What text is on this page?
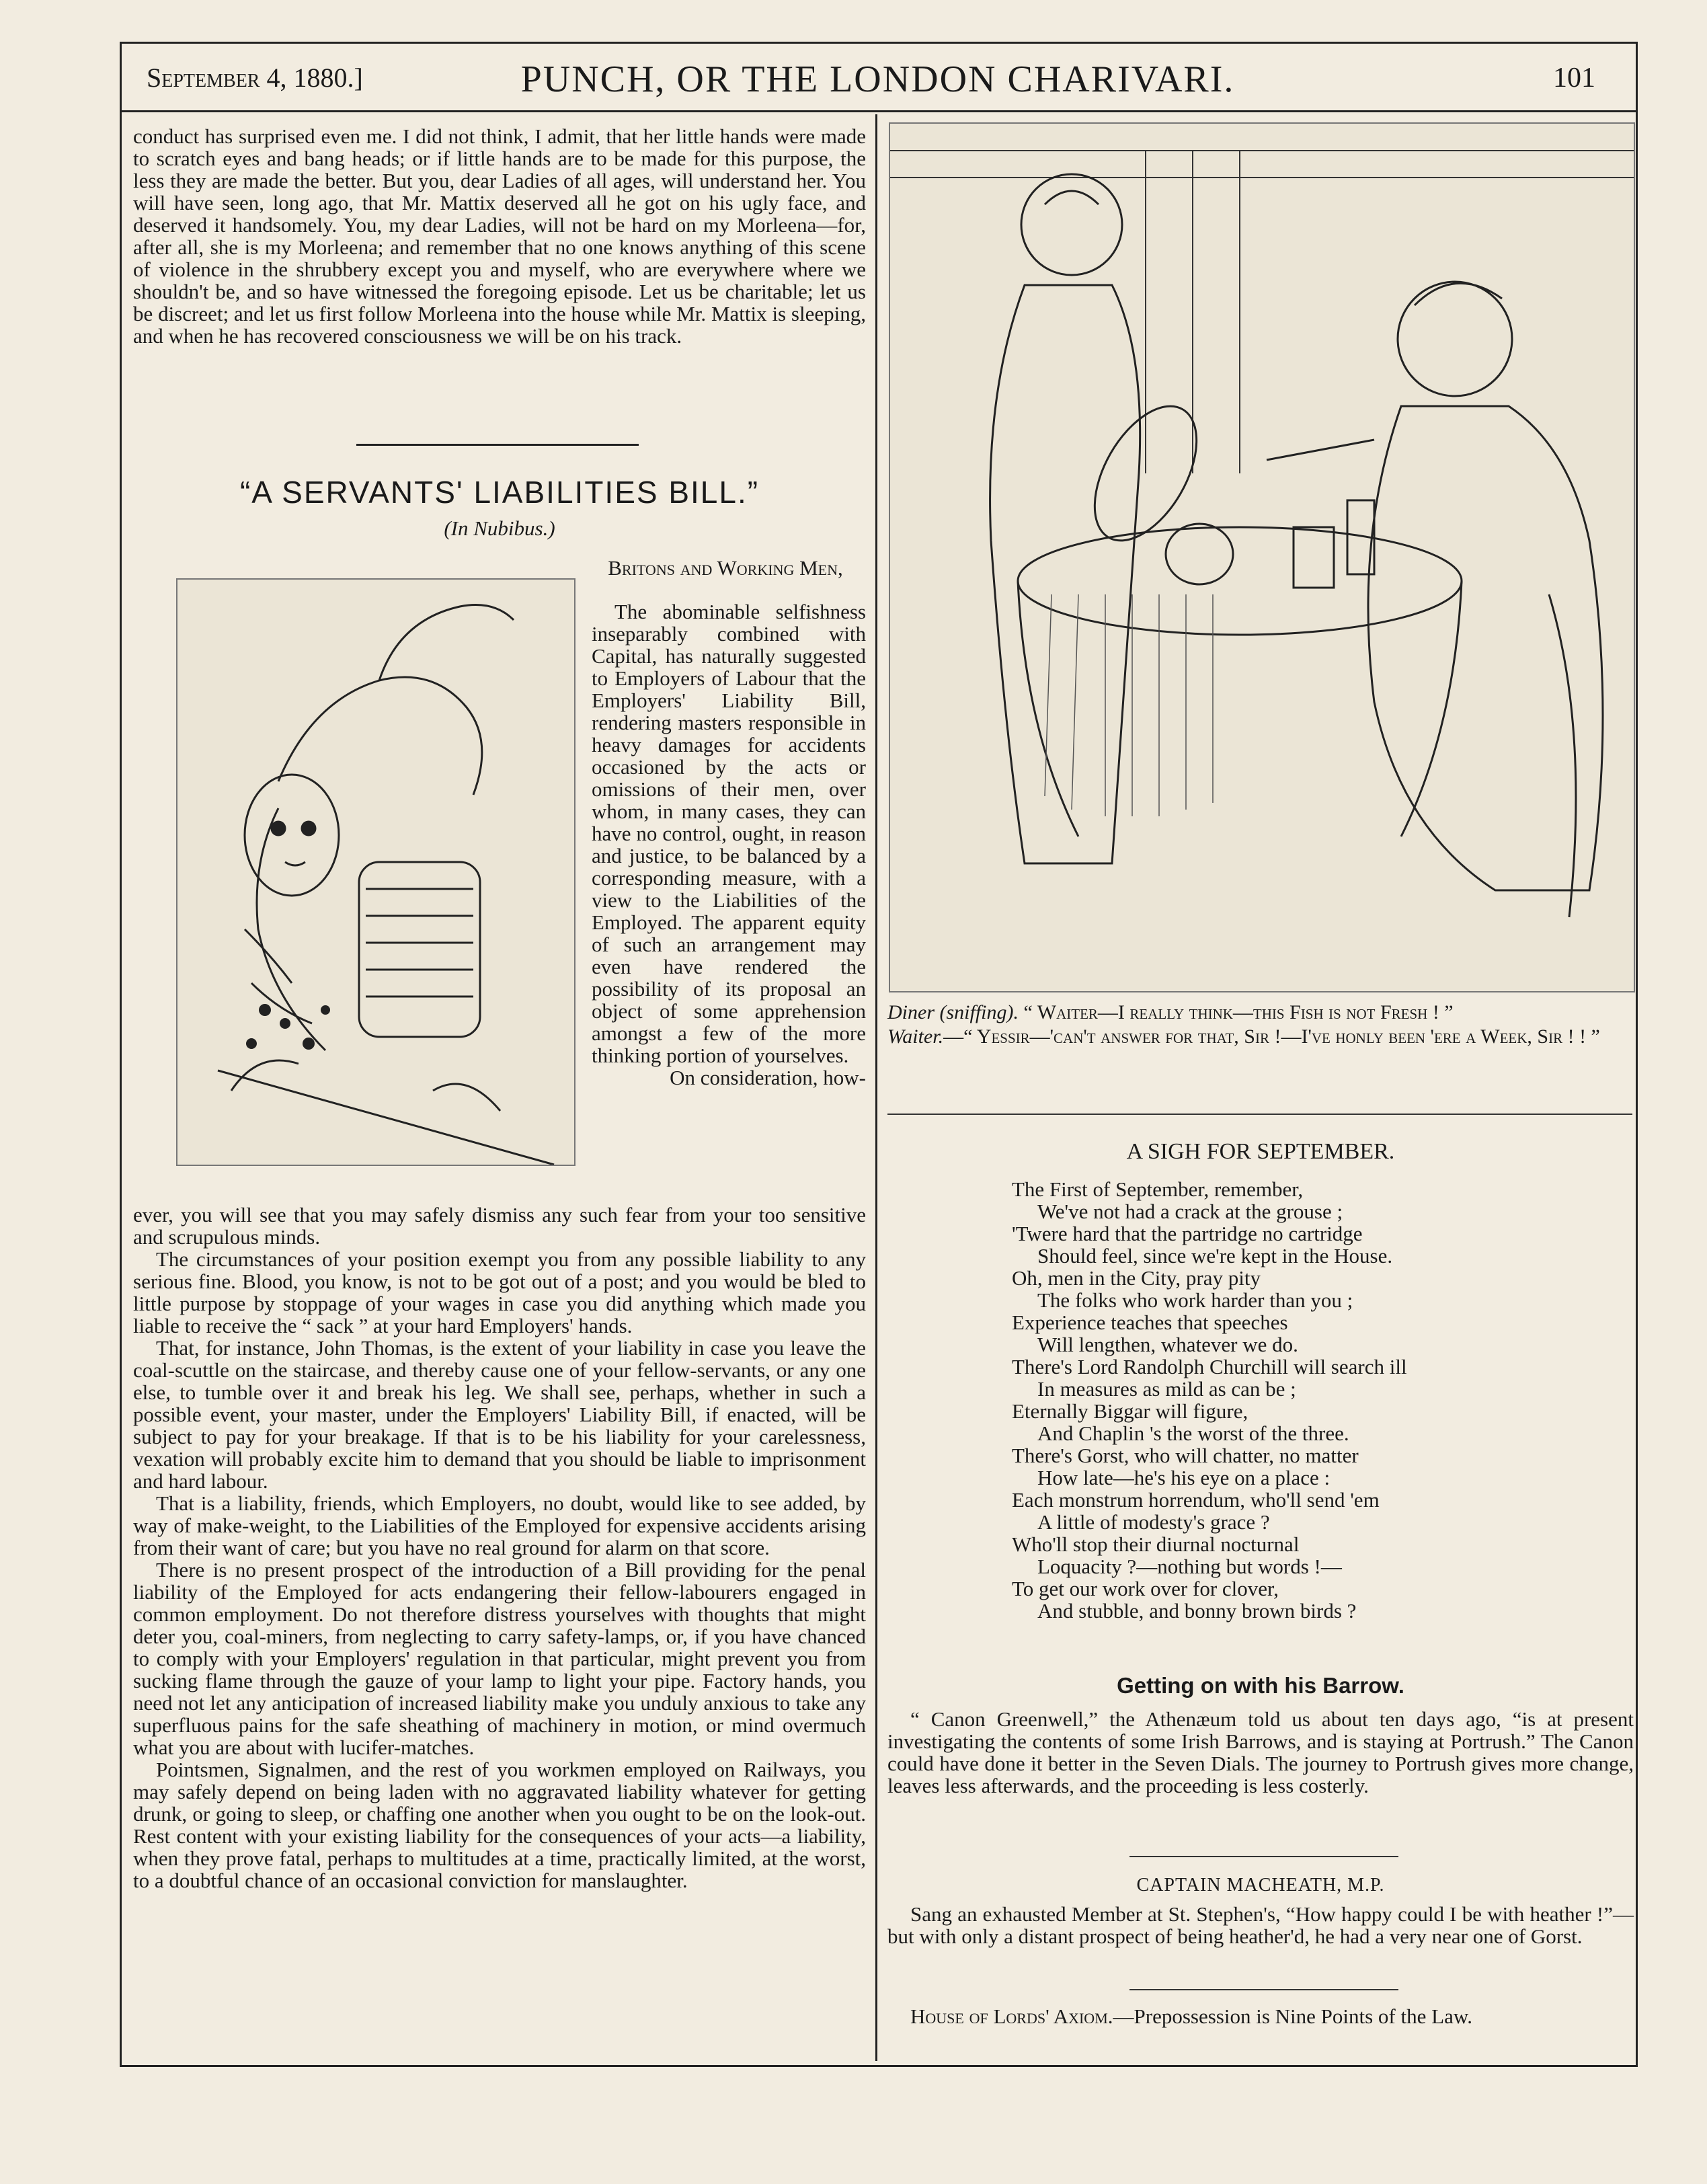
September 4, 1880.]	PUNCH, OR THE LONDON CHARIVARI.	101

conduct has surprised even me. I did not think, I admit, that her little hands were made to scratch eyes and bang heads; or if little hands are to be made for this purpose, the less they are made the better. But you, dear Ladies of all ages, will understand her. You will have seen, long ago, that Mr. Mattix deserved all he got on his ugly face, and deserved it handsomely. You, my dear Ladies, will not be hard on my Morleena—for, after all, she is my Morleena; and remember that no one knows anything of this scene of violence in the shrubbery except you and myself, who are everywhere where we shouldn't be, and so have witnessed the foregoing episode. Let us be charitable; let us be discreet; and let us first follow Morleena into the house while Mr. Mattix is sleeping, and when he has recovered consciousness we will be on his track.

“A SERVANTS' LIABILITIES BILL.”
(In Nubibus.)
Britons and Working Men,

The abominable selfishness inseparably combined with Capital, has naturally suggested to Employers of Labour that the Employers' Liability Bill, rendering masters responsible in heavy damages for accidents occasioned by the acts or omissions of their men, over whom, in many cases, they can have no control, ought, in reason and justice, to be balanced by a corresponding measure, with a view to the Liabilities of the Employed. The apparent equity of such an arrangement may even have rendered the possibility of its proposal an object of some apprehension amongst a few of the more thinking portion of yourselves.

On consideration, how-

ever, you will see that you may safely dismiss any such fear from your too sensitive and scrupulous minds.

The circumstances of your position exempt you from any possible liability to any serious fine. Blood, you know, is not to be got out of a post; and you would be bled to little purpose by stoppage of your wages in case you did anything which made you liable to receive the “ sack ” at your hard Employers' hands.

That, for instance, John Thomas, is the extent of your liability in case you leave the coal-scuttle on the staircase, and thereby cause one of your fellow-servants, or any one else, to tumble over it and break his leg. We shall see, perhaps, whether in such a possible event, your master, under the Employers' Liability Bill, if enacted, will be subject to pay for your breakage. If that is to be his liability for your carelessness, vexation will probably excite him to demand that you should be liable to imprisonment and hard labour.

That is a liability, friends, which Employers, no doubt, would like to see added, by way of make-weight, to the Liabilities of the Employed for expensive accidents arising from their want of care; but you have no real ground for alarm on that score.

There is no present prospect of the introduction of a Bill providing for the penal liability of the Employed for acts endangering their fellow-labourers engaged in common employment. Do not therefore distress yourselves with thoughts that might deter you, coal-miners, from neglecting to carry safety-lamps, or, if you have chanced to comply with your Employers' regulation in that particular, might prevent you from sucking flame through the gauze of your lamp to light your pipe. Factory hands, you need not let any anticipation of increased liability make you unduly anxious to take any superfluous pains for the safe sheathing of machinery in motion, or mind overmuch what you are about with lucifer-matches.

Pointsmen, Signalmen, and the rest of you workmen employed on Railways, you may safely depend on being laden with no aggravated liability whatever for getting drunk, or going to sleep, or chaffing one another when you ought to be on the look-out. Rest content with your existing liability for the consequences of your acts—a liability, when they prove fatal, perhaps to multitudes at a time, practically limited, at the worst, to a doubtful chance of an occasional conviction for manslaughter.

Diner (sniffing). “ Waiter—I really think—this Fish is not Fresh ! ”

Waiter.—“ Yessir—'can't answer for that, Sir !—I've honly been 'ere a Week, Sir ! ! ”

A SIGH FOR SEPTEMBER.
The First of September, remember,
We've not had a crack at the grouse ;
'Twere hard that the partridge no cartridge
Should feel, since we're kept in the House.
Oh, men in the City, pray pity
The folks who work harder than you ;
Experience teaches that speeches
Will lengthen, whatever we do.
There's Lord Randolph Churchill will search ill
In measures as mild as can be ;
Eternally Biggar will figure,
And Chaplin 's the worst of the three.
There's Gorst, who will chatter, no matter
How late—he's his eye on a place :
Each monstrum horrendum, who'll send 'em
A little of modesty's grace ?
Who'll stop their diurnal nocturnal
Loquacity ?—nothing but words !—
To get our work over for clover,
And stubble, and bonny brown birds ?
Getting on with his Barrow.

“ Canon Greenwell,” the Athenæum told us about ten days ago, “is at present investigating the contents of some Irish Barrows, and is staying at Portrush.” The Canon could have done it better in the Seven Dials. The journey to Portrush gives more change, leaves less afterwards, and the proceeding is less costerly.

CAPTAIN MACHEATH, M.P.

Sang an exhausted Member at St. Stephen's, “How happy could I be with heather !”—but with only a distant prospect of being heather'd, he had a very near one of Gorst.

House of Lords' Axiom.—Prepossession is Nine Points of the Law.
